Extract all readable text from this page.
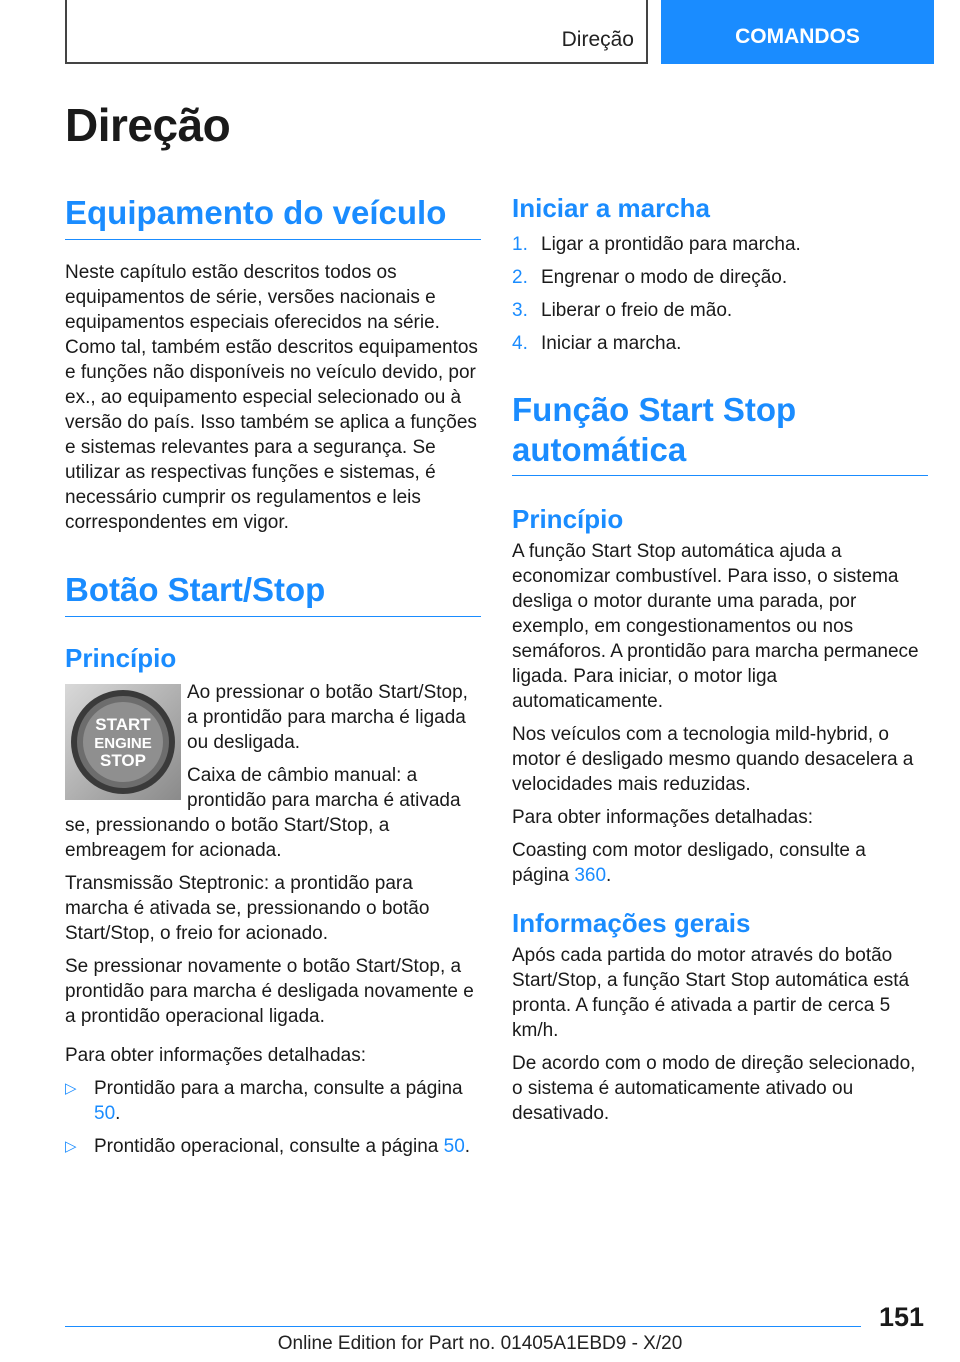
Direção	COMANDOS
Direção
Equipamento do veículo

Neste capítulo estão descritos todos os equipamentos de série, versões nacionais e equipamentos especiais oferecidos na série. Como tal, também estão descritos equipamentos e funções não disponíveis no veículo devido, por ex., ao equipamento especial selecionado ou à versão do país. Isso também se aplica a funções e sistemas relevantes para a segurança. Se utilizar as respectivas funções e sistemas, é necessário cumprir os regulamentos e leis correspondentes em vigor.

Botão Start/Stop
Princípio
START
ENGINE
STOP

Ao pressionar o botão Start/Stop, a prontidão para marcha é ligada ou desligada.

Caixa de câmbio manual: a prontidão para marcha é ativada se, pressionando o botão Start/Stop, a embreagem for acionada.

Transmissão Steptronic: a prontidão para marcha é ativada se, pressionando o botão Start/Stop, o freio for acionado.

Se pressionar novamente o botão Start/Stop, a prontidão para marcha é desligada novamente e a prontidão operacional ligada.

Para obter informações detalhadas:

▷ Prontidão para a marcha, consulte a página 50.
▷ Prontidão operacional, consulte a página 50.
Iniciar a marcha
1. Ligar a prontidão para marcha.
2. Engrenar o modo de direção.
3. Liberar o freio de mão.
4. Iniciar a marcha.
Função Start Stop automática
Princípio

A função Start Stop automática ajuda a economizar combustível. Para isso, o sistema desliga o motor durante uma parada, por exemplo, em congestionamentos ou nos semáforos. A prontidão para marcha permanece ligada. Para iniciar, o motor liga automaticamente.

Nos veículos com a tecnologia mild-hybrid, o motor é desligado mesmo quando desacelera a velocidades mais reduzidas.

Para obter informações detalhadas:

Coasting com motor desligado, consulte a página 360.

Informações gerais

Após cada partida do motor através do botão Start/Stop, a função Start Stop automática está pronta. A função é ativada a partir de cerca 5 km/h.

De acordo com o modo de direção selecionado, o sistema é automaticamente ativado ou desativado.

151
Online Edition for Part no. 01405A1EBD9 - X/20
